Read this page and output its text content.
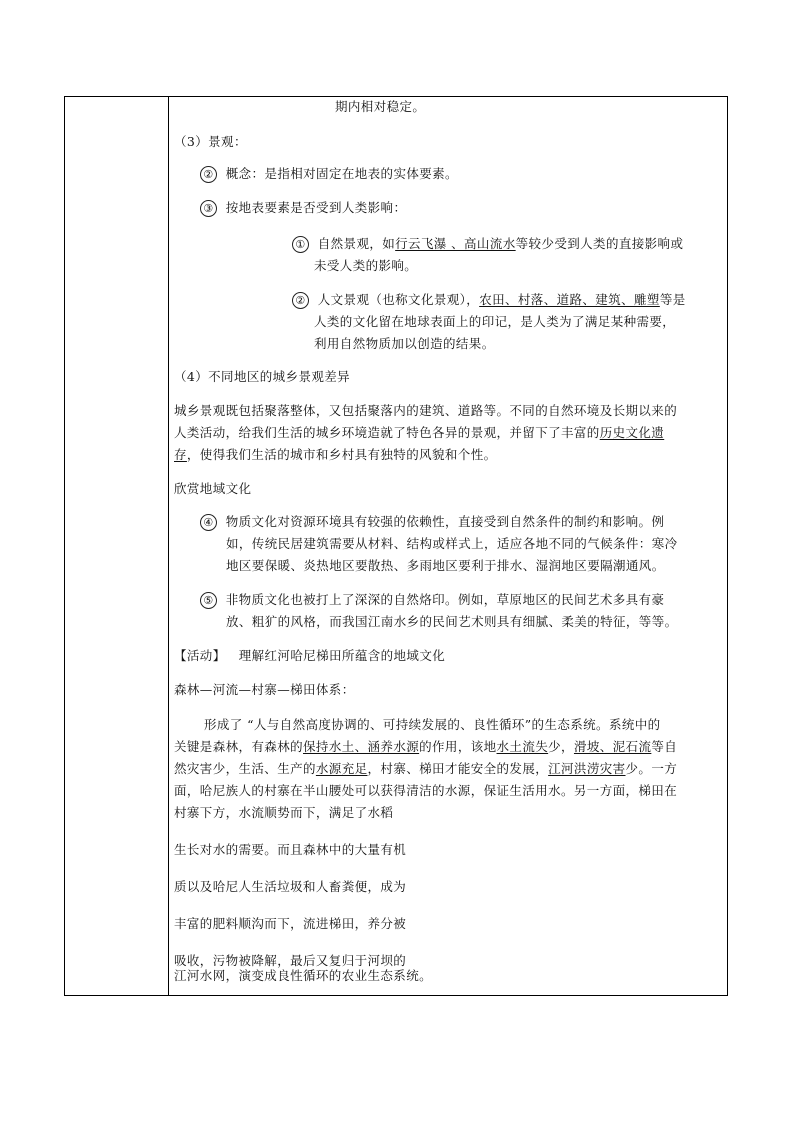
期内相对稳定。
（3）景观：
② 概念：是指相对固定在地表的实体要素。
③ 按地表要素是否受到人类影响：
① 自然景观，如行云飞瀑 、高山流水等较少受到人类的直接影响或
未受人类的影响。
② 人文景观（也称文化景观），农田、村落、道路、建筑、雕塑等是
人类的文化留在地球表面上的印记，是人类为了满足某种需要，
利用自然物质加以创造的结果。
（4）不同地区的城乡景观差异
城乡景观既包括聚落整体，又包括聚落内的建筑、道路等。不同的自然环境及长期以来的
人类活动，给我们生活的城乡环境造就了特色各异的景观，并留下了丰富的历史文化遗
存，使得我们生活的城市和乡村具有独特的风貌和个性。
欣赏地域文化
④ 物质文化对资源环境具有较强的依赖性，直接受到自然条件的制约和影响。例
如，传统民居建筑需要从材料、结构或样式上，适应各地不同的气候条件：寒冷
地区要保暖、炎热地区要散热、多雨地区要利于排水、湿润地区要隔潮通风。
⑤ 非物质文化也被打上了深深的自然烙印。例如，草原地区的民间艺术多具有豪
放、粗犷的风格，而我国江南水乡的民间艺术则具有细腻、柔美的特征，等等。
【活动】 理解红河哈尼梯田所蕴含的地域文化
森林—河流—村寨—梯田体系：
形成了 “人与自然高度协调的、可持续发展的、良性循环”的生态系统。系统中的
关键是森林，有森林的保持水土、涵养水源的作用，该地水土流失少，滑坡、泥石流等自
然灾害少，生活、生产的水源充足，村寨、梯田才能安全的发展，江河洪涝灾害少。一方
面，哈尼族人的村寨在半山腰处可以获得清洁的水源，保证生活用水。另一方面，梯田在
村寨下方，水流顺势而下，满足了水稻
生长对水的需要。而且森林中的大量有机
质以及哈尼人生活垃圾和人畜粪便，成为
丰富的肥料顺沟而下，流进梯田，养分被
吸收，污物被降解，最后又复归于河坝的
江河水网，演变成良性循环的农业生态系统。
